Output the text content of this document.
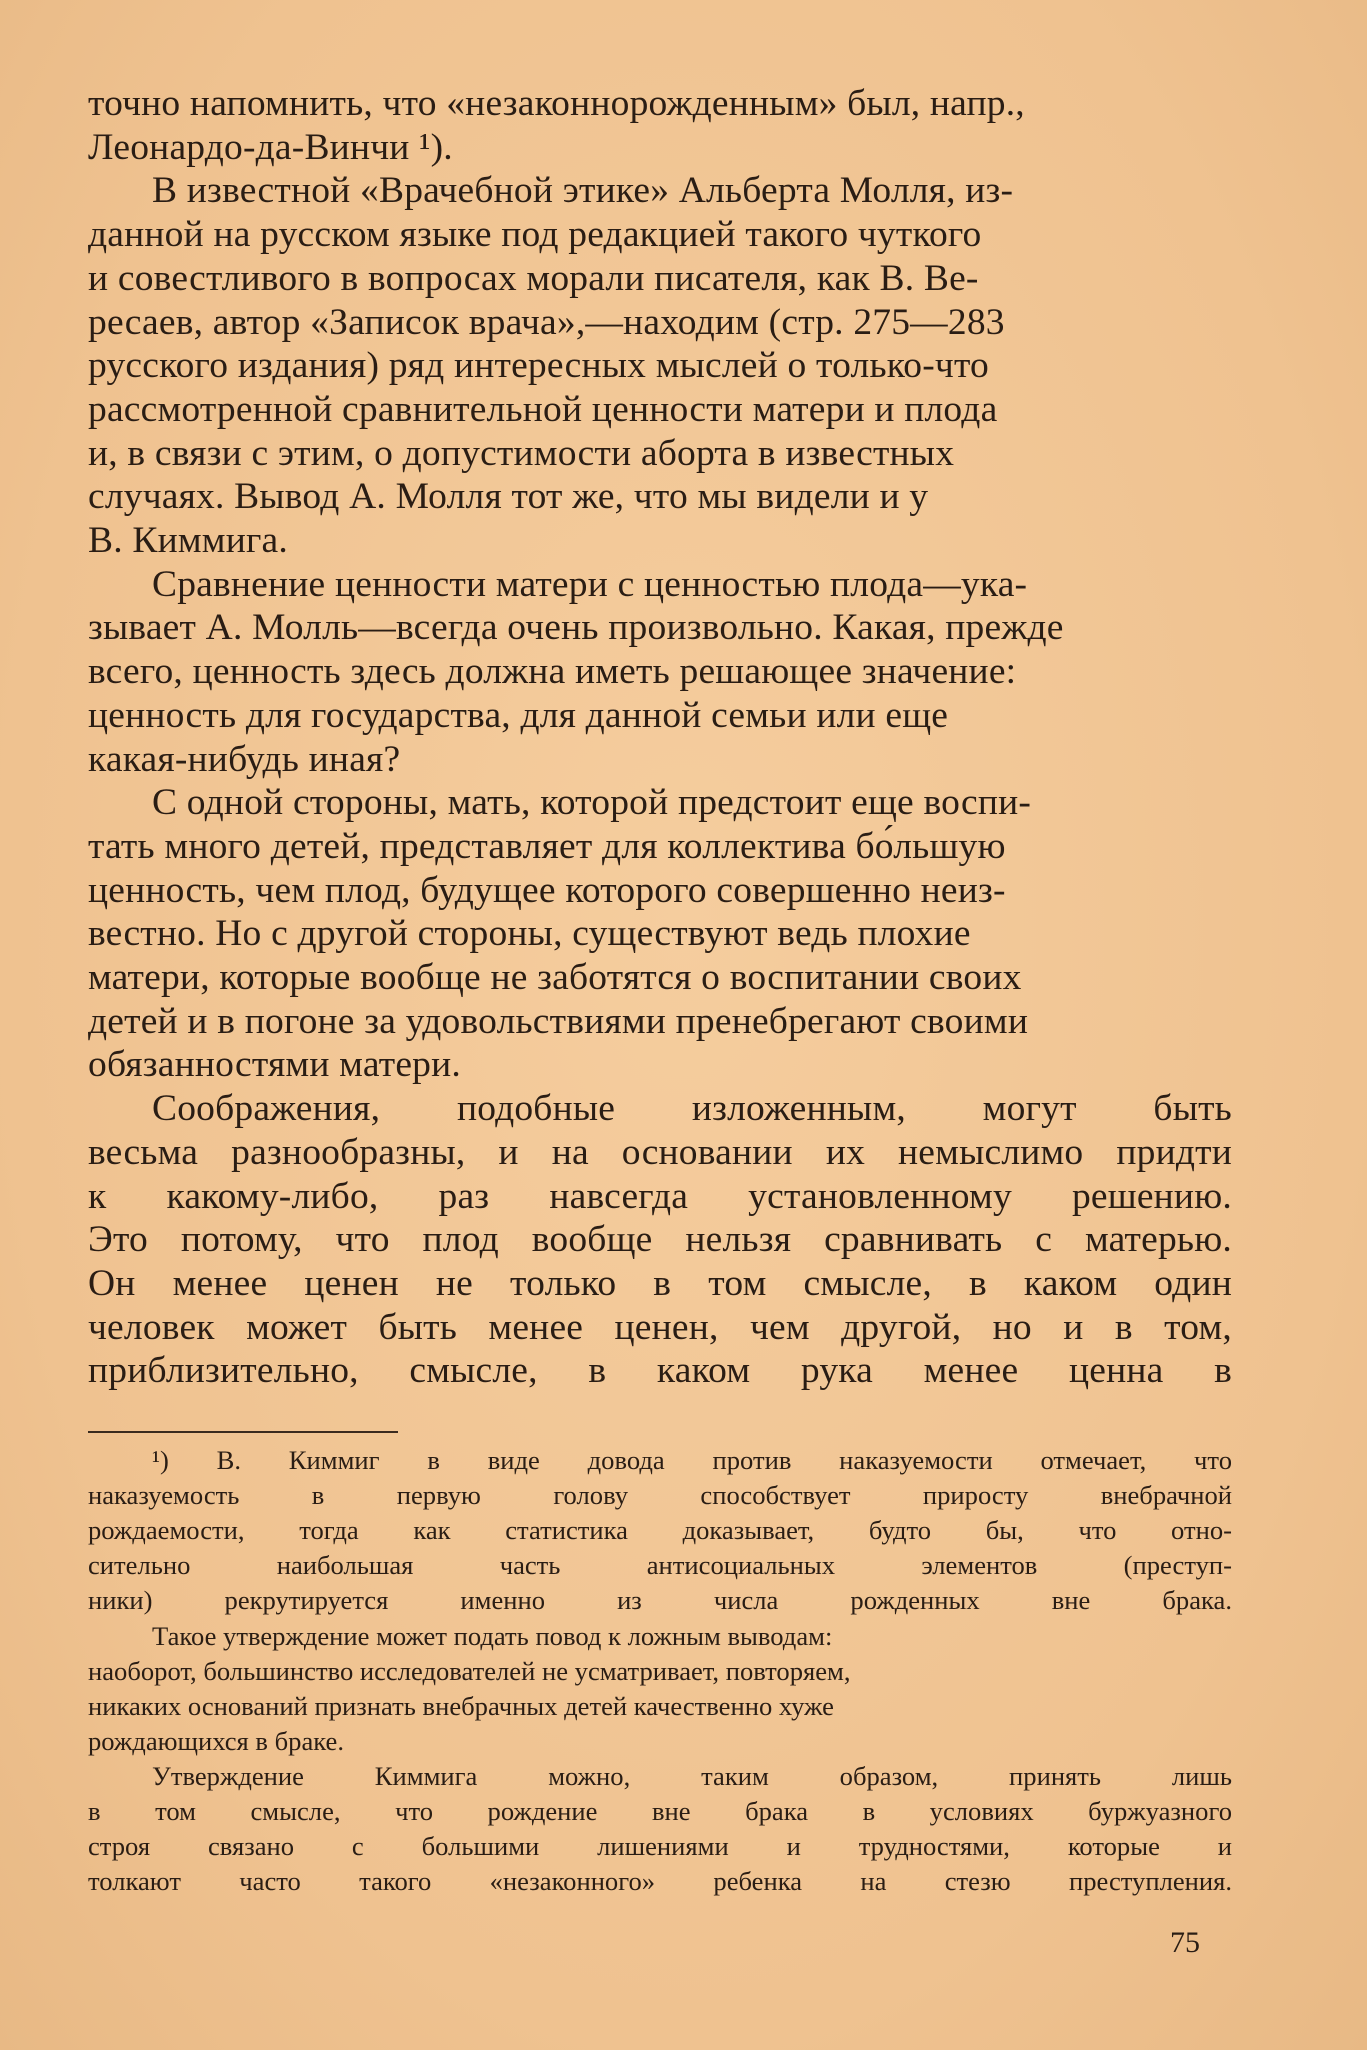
точно напомнить, что «незаконнорожденным» был, напр.,
Леонардо-да-Винчи ¹).

В известной «Врачебной этике» Альберта Молля, из-
данной на русском языке под редакцией такого чуткого
и совестливого в вопросах морали писателя, как В. Ве-
ресаев, автор «Записок врача»,—находим (стр. 275—283
русского издания) ряд интересных мыслей о только-что
рассмотренной сравнительной ценности матери и плода
и, в связи с этим, о допустимости аборта в известных
случаях. Вывод А. Молля тот же, что мы видели и у
В. Киммига.

Сравнение ценности матери с ценностью плода—ука-
зывает А. Молль—всегда очень произвольно. Какая, прежде
всего, ценность здесь должна иметь решающее значение:
ценность для государства, для данной семьи или еще
какая-нибудь иная?

С одной стороны, мать, которой предстоит еще воспи-
тать много детей, представляет для коллектива бо́льшую
ценность, чем плод, будущее которого совершенно неиз-
вестно. Но с другой стороны, существуют ведь плохие
матери, которые вообще не заботятся о воспитании своих
детей и в погоне за удовольствиями пренебрегают своими
обязанностями матери.

Соображения, подобные изложенным, могут быть
весьма разнообразны, и на основании их немыслимо придти
к какому-либо, раз навсегда установленному решению.
Это потому, что плод вообще нельзя сравнивать с матерью.
Он менее ценен не только в том смысле, в каком один
человек может быть менее ценен, чем другой, но и в том,
приблизительно, смысле, в каком рука менее ценна в

¹) В. Киммиг в виде довода против наказуемости отмечает, что
наказуемость в первую голову способствует приросту внебрачной
рождаемости, тогда как статистика доказывает, будто бы, что отно-
сительно наибольшая часть антисоциальных элементов (преступ-
ники) рекрутируется именно из числа рожденных вне брака.

Такое утверждение может подать повод к ложным выводам:
наоборот, большинство исследователей не усматривает, повторяем,
никаких оснований признать внебрачных детей качественно хуже
рождающихся в браке.

Утверждение Киммига можно, таким образом, принять лишь
в том смысле, что рождение вне брака в условиях буржуазного
строя связано с большими лишениями и трудностями, которые и
толкают часто такого «незаконного» ребенка на стезю преступления.

75
